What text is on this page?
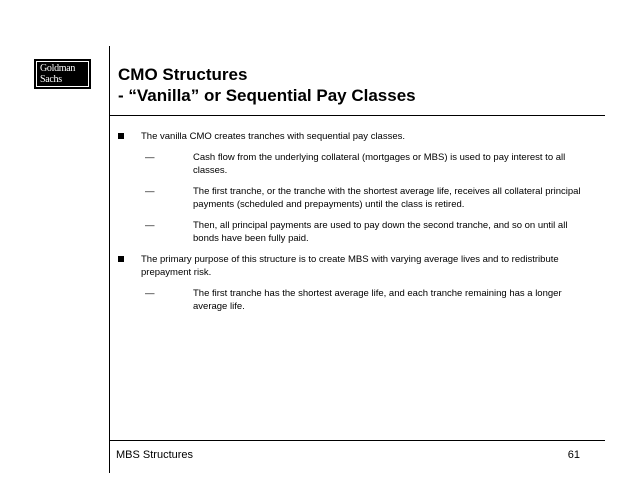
Goldman
Sachs	CMO Structures
- “Vanilla” or Sequential Pay Classes
The vanilla CMO creates tranches with sequential pay classes.
—	Cash flow from the underlying collateral (mortgages or MBS) is used to pay interest to all classes.
—	The first tranche, or the tranche with the shortest average life, receives all collateral principal payments (scheduled and prepayments) until the class is retired.
—	Then, all principal payments are used to pay down the second tranche, and so on until all bonds have been fully paid.
The primary purpose of this structure is to create MBS with varying average lives and to redistribute prepayment risk.
—	The first tranche has the shortest average life, and each tranche remaining has a longer average life.
MBS Structures	61
